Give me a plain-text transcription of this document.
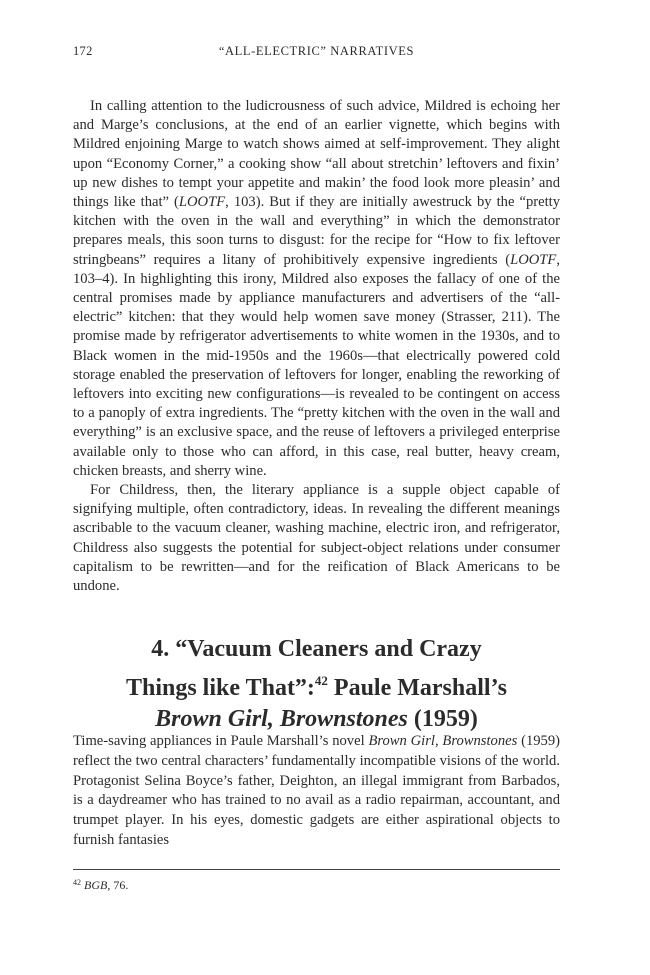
172	“ALL-ELECTRIC” NARRATIVES

In calling attention to the ludicrousness of such advice, Mildred is echoing her and Marge’s conclusions, at the end of an earlier vignette, which begins with Mildred enjoining Marge to watch shows aimed at self-improvement. They alight upon “Economy Corner,” a cooking show “all about stretchin’ leftovers and fixin’ up new dishes to tempt your appetite and makin’ the food look more pleasin’ and things like that” (LOOTF, 103). But if they are initially awestruck by the “pretty kitchen with the oven in the wall and everything” in which the demonstrator prepares meals, this soon turns to disgust: for the recipe for “How to fix leftover stringbeans” requires a litany of prohibitively expensive ingredients (LOOTF, 103–4). In highlighting this irony, Mildred also exposes the fallacy of one of the central promises made by appliance manufacturers and advertisers of the “all-electric” kitchen: that they would help women save money (Strasser, 211). The promise made by refrigerator advertisements to white women in the 1930s, and to Black women in the mid-1950s and the 1960s—that electrically powered cold storage enabled the preservation of leftovers for longer, enabling the reworking of leftovers into exciting new configurations—is revealed to be contingent on access to a panoply of extra ingredients. The “pretty kitchen with the oven in the wall and everything” is an exclusive space, and the reuse of leftovers a privileged enterprise available only to those who can afford, in this case, real butter, heavy cream, chicken breasts, and sherry wine.

For Childress, then, the literary appliance is a supple object capable of signifying multiple, often contradictory, ideas. In revealing the different meanings ascribable to the vacuum cleaner, washing machine, electric iron, and refrigerator, Childress also suggests the potential for subject-object relations under consumer capitalism to be rewritten—and for the reification of Black Americans to be undone.

4. “Vacuum Cleaners and Crazy
Things like That”:$^{42}$ Paule Marshall’s
Brown Girl, Brownstones (1959)

Time-saving appliances in Paule Marshall’s novel Brown Girl, Brownstones (1959) reflect the two central characters’ fundamentally incompatible visions of the world. Protagonist Selina Boyce’s father, Deighton, an illegal immigrant from Barbados, is a daydreamer who has trained to no avail as a radio repairman, accountant, and trumpet player. In his eyes, domestic gadgets are either aspirational objects to furnish fantasies

$^{42}$ BGB, 76.
